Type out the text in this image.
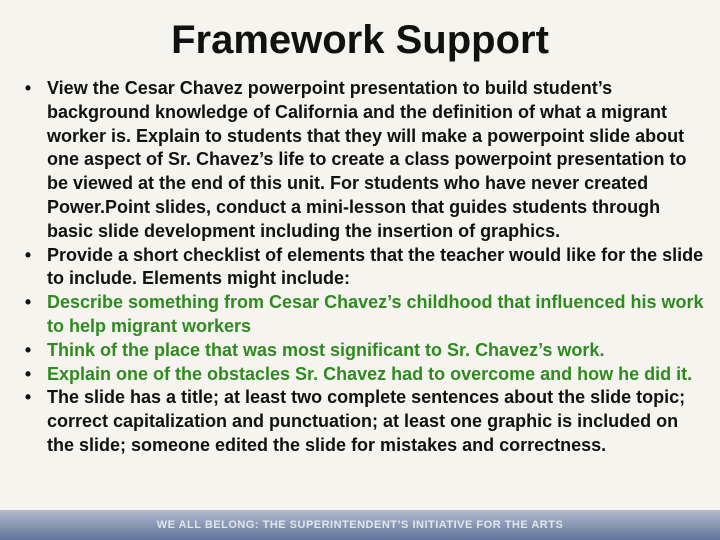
Framework Support
• View the Cesar Chavez powerpoint presentation to build student’s background knowledge of California and the definition of what a migrant worker is. Explain to students that they will make a powerpoint slide about one aspect of Sr. Chavez’s life to create a class powerpoint presentation to be viewed at the end of this unit. For students who have never created Power.Point slides, conduct a mini-lesson that guides students through basic slide development including the insertion of graphics.
• Provide a short checklist of elements that the teacher would like for the slide to include. Elements might include:
• Describe something from Cesar Chavez’s childhood that influenced his work to help migrant workers
• Think of the place that was most significant to Sr. Chavez’s work.
• Explain one of the obstacles Sr. Chavez had to overcome and how he did it.
• The slide has a title; at least two complete sentences about the slide topic; correct capitalization and punctuation; at least one graphic is included on the slide; someone edited the slide for mistakes and correctness.
WE ALL BELONG: THE SUPERINTENDENT’S INITIATIVE FOR THE ARTS
